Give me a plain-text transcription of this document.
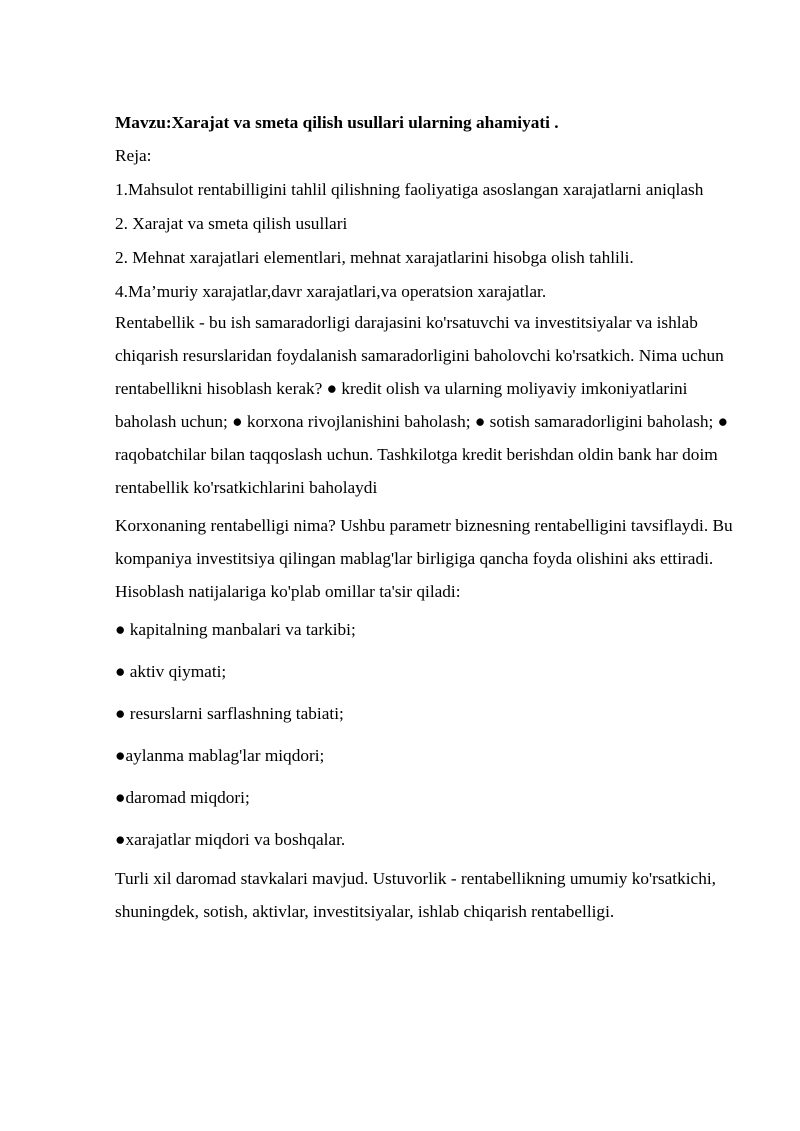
Mavzu:Xarajat va smeta qilish usullari ularning ahamiyati .
Reja:
1.Mahsulot rentabilligini tahlil qilishning faoliyatiga asoslangan xarajatlarni aniqlash
2. Xarajat va smeta qilish usullari
2. Mehnat xarajatlari elementlari, mehnat xarajatlarini hisobga olish tahlili.
4.Ma’muriy xarajatlar,davr xarajatlari,va operatsion xarajatlar.
Rentabellik - bu ish samaradorligi darajasini ko'rsatuvchi va investitsiyalar va ishlab chiqarish resurslaridan foydalanish samaradorligini baholovchi ko'rsatkich. Nima uchun rentabellikni hisoblash kerak? ● kredit olish va ularning moliyaviy imkoniyatlarini baholash uchun; ● korxona rivojlanishini baholash; ● sotish samaradorligini baholash; ● raqobatchilar bilan taqqoslash uchun. Tashkilotga kredit berishdan oldin bank har doim rentabellik ko'rsatkichlarini baholaydi
Korxonaning rentabelligi nima? Ushbu parametr biznesning rentabelligini tavsiflaydi. Bu kompaniya investitsiya qilingan mablag'lar birligiga qancha foyda olishini aks ettiradi. Hisoblash natijalariga ko'plab omillar ta'sir qiladi:
● kapitalning manbalari va tarkibi;
● aktiv qiymati;
● resurslarni sarflashning tabiati;
●aylanma mablag'lar miqdori;
●daromad miqdori;
●xarajatlar miqdori va boshqalar.
Turli xil daromad stavkalari mavjud. Ustuvorlik - rentabellikning umumiy ko'rsatkichi, shuningdek, sotish, aktivlar, investitsiyalar, ishlab chiqarish rentabelligi.
